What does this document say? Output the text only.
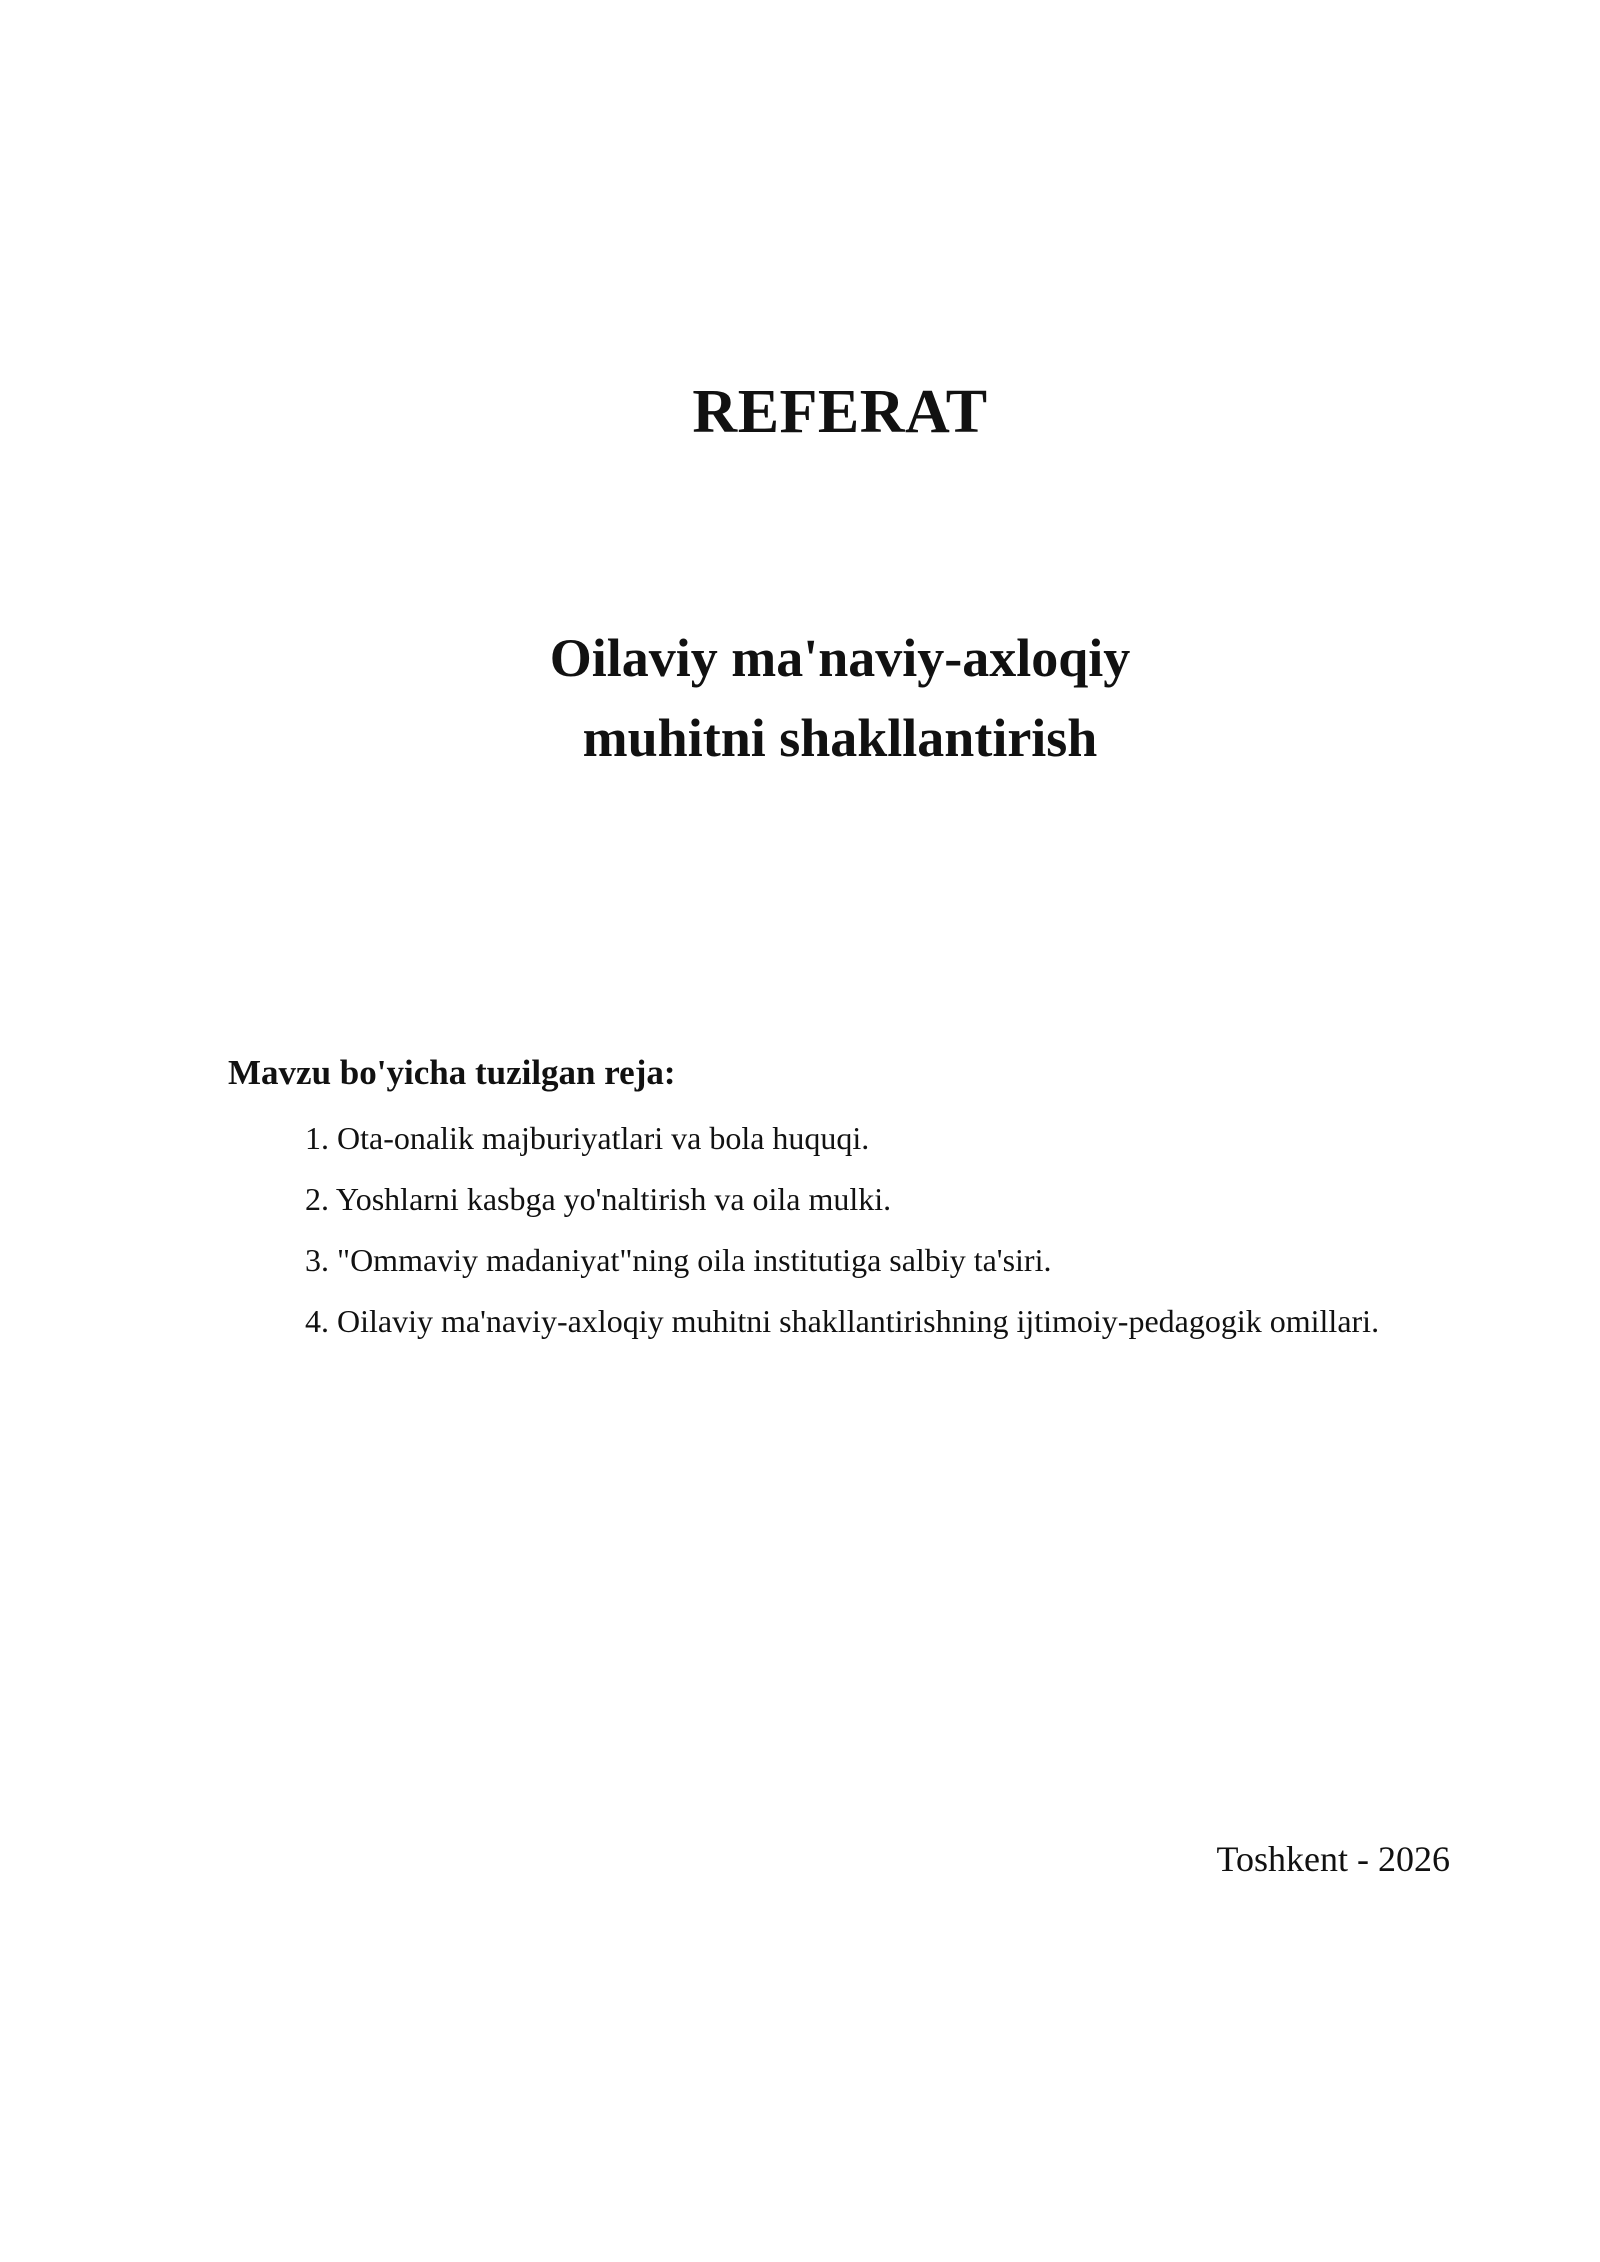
REFERAT
Oilaviy ma'naviy-axloqiy
muhitni shakllantirish

Mavzu bo'yicha tuzilgan reja:

1. Ota-onalik majburiyatlari va bola huquqi.
2. Yoshlarni kasbga yo'naltirish va oila mulki.
3. "Ommaviy madaniyat"ning oila institutiga salbiy ta'siri.
4. Oilaviy ma'naviy-axloqiy muhitni shakllantirishning ijtimoiy-pedagogik omillari.

Toshkent - 2026
